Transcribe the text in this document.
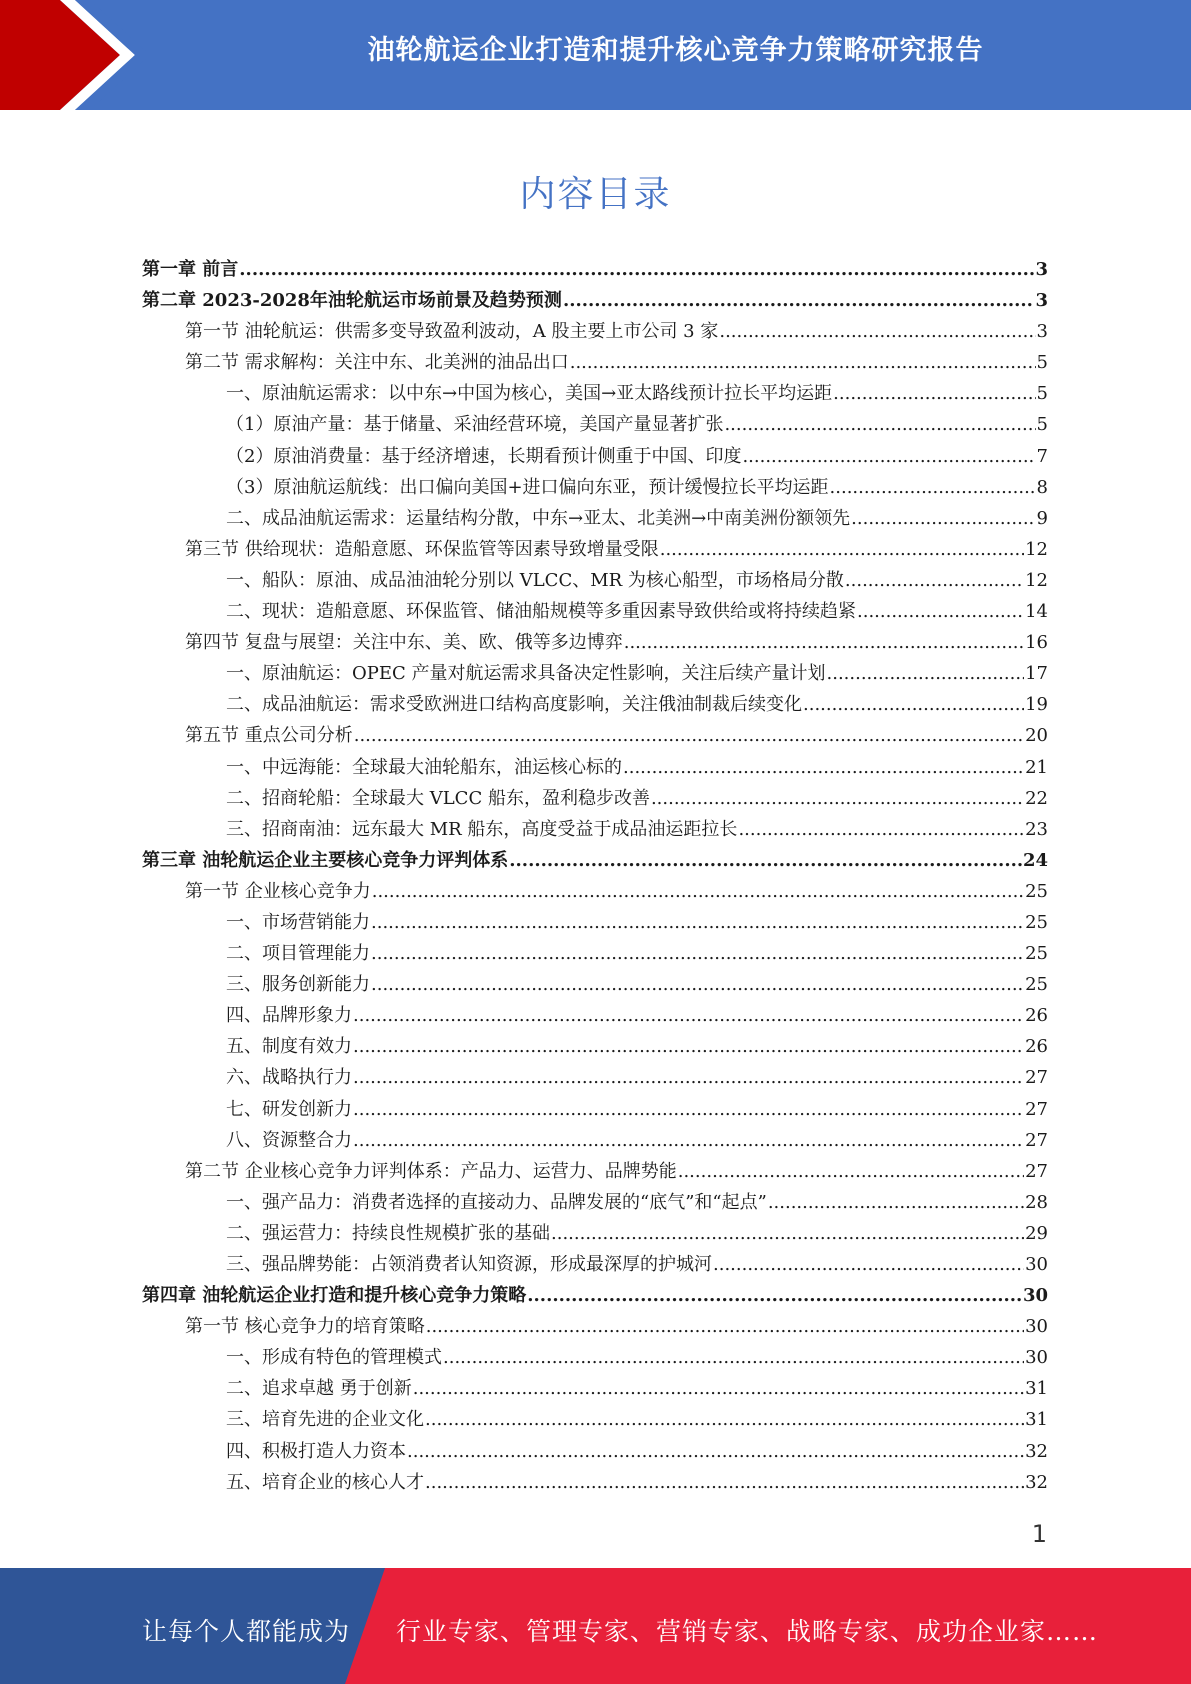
油轮航运企业打造和提升核心竞争力策略研究报告
内容目录
第一章 前言 .....	3
第二章 2023-2028年油轮航运市场前景及趋势预测 .....	3
第一节 油轮航运：供需多变导致盈利波动，A 股主要上市公司 3 家 .....	3
第二节 需求解构：关注中东、北美洲的油品出口 .....	5
一、原油航运需求：以中东→中国为核心，美国→亚太路线预计拉长平均运距 .....	5
（1）原油产量：基于储量、采油经营环境，美国产量显著扩张 .....	5
（2）原油消费量：基于经济增速，长期看预计侧重于中国、印度 .....	7
（3）原油航运航线：出口偏向美国+进口偏向东亚，预计缓慢拉长平均运距 .....	8
二、成品油航运需求：运量结构分散，中东→亚太、北美洲→中南美洲份额领先 .....	9
第三节 供给现状：造船意愿、环保监管等因素导致增量受限 .....	12
一、船队：原油、成品油油轮分别以 VLCC、MR 为核心船型，市场格局分散 .....	12
二、现状：造船意愿、环保监管、储油船规模等多重因素导致供给或将持续趋紧 .....	14
第四节 复盘与展望：关注中东、美、欧、俄等多边博弈 .....	16
一、原油航运：OPEC 产量对航运需求具备决定性影响，关注后续产量计划 .....	17
二、成品油航运：需求受欧洲进口结构高度影响，关注俄油制裁后续变化 .....	19
第五节 重点公司分析 .....	20
一、中远海能：全球最大油轮船东，油运核心标的 .....	21
二、招商轮船：全球最大 VLCC 船东，盈利稳步改善 .....	22
三、招商南油：远东最大 MR 船东，高度受益于成品油运距拉长 .....	23
第三章 油轮航运企业主要核心竞争力评判体系 .....	24
第一节 企业核心竞争力 .....	25
一、市场营销能力 .....	25
二、项目管理能力 .....	25
三、服务创新能力 .....	25
四、品牌形象力 .....	26
五、制度有效力 .....	26
六、战略执行力 .....	27
七、研发创新力 .....	27
八、资源整合力 .....	27
第二节 企业核心竞争力评判体系：产品力、运营力、品牌势能 .....	27
一、强产品力：消费者选择的直接动力、品牌发展的“底气”和“起点” .....	28
二、强运营力：持续良性规模扩张的基础 .....	29
三、强品牌势能：占领消费者认知资源，形成最深厚的护城河 .....	30
第四章 油轮航运企业打造和提升核心竞争力策略 .....	30
第一节 核心竞争力的培育策略 .....	30
一、形成有特色的管理模式 .....	30
二、追求卓越 勇于创新 .....	31
三、培育先进的企业文化 .....	31
四、积极打造人力资本 .....	32
五、培育企业的核心人才 .....	32
1
让每个人都能成为 行业专家、管理专家、营销专家、战略专家、成功企业家……
